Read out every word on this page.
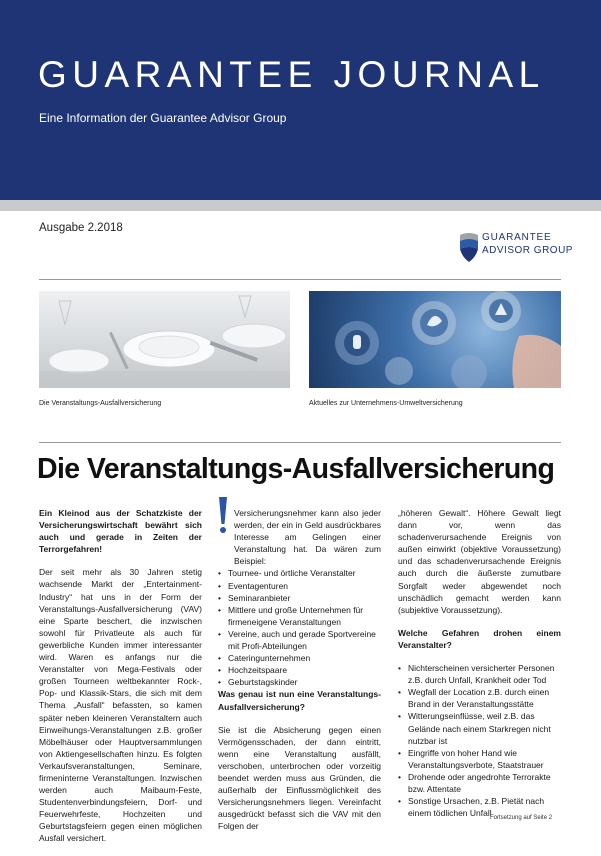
GUARANTEE JOURNAL
Eine Information der Guarantee Advisor Group
Ausgabe 2.2018
GUARANTEE
ADVISOR GROUP
Die Veranstaltungs-Ausfallversicherung	Aktuelles zur Unternehmens-Umweltversicherung
Die Veranstaltungs-Ausfallversicherung

Ein Kleinod aus der Schatzkiste der Versicherungswirtschaft bewährt sich auch und gerade in Zeiten der Terrorgefahren!

Der seit mehr als 30 Jahren stetig wachsende Markt der „Entertainment-Industry“ hat uns in der Form der Veranstaltungs-Ausfallversicherung (VAV) eine Sparte beschert, die inzwischen sowohl für Privatleute als auch für gewerbliche Kunden immer interessanter wird. Waren es anfangs nur die Veranstalter von Mega-Festivals oder großen Tourneen weltbekannter Rock-, Pop- und Klassik-Stars, die sich mit dem Thema „Ausfall“ befassten, so kamen später neben kleineren Veranstaltern auch Einweihungs-Veranstaltungen z.B. großer Möbelhäuser oder Hauptversammlungen von Aktiengesellschaften hinzu. Es folgten Verkaufsveranstaltungen, Seminare, firmeninterne Veranstaltungen. Inzwischen werden auch Maibaum-Feste, Studentenverbindungsfeiern, Dorf- und Feuerwehrfeste, Hochzeiten und Geburtstagsfeiern gegen einen möglichen Ausfall versichert.

Versicherungsnehmer kann also jeder werden, der ein in Geld ausdrückbares Interesse am Gelingen einer Veranstaltung hat. Da wären zum Beispiel:

• Tournee- und örtliche Veranstalter
• Eventagenturen
• Seminaranbieter
• Mittlere und große Unternehmen für firmeneigene Veranstaltungen
• Vereine, auch und gerade Sportvereine mit Profi-Abteilungen
• Cateringunternehmen
• Hochzeitspaare
• Geburtstagskinder

Was genau ist nun eine Veranstaltungs-Ausfallversicherung?

Sie ist die Absicherung gegen einen Vermögensschaden, der dann eintritt, wenn eine Veranstaltung ausfällt, verschoben, unterbrochen oder vorzeitig beendet werden muss aus Gründen, die außerhalb der Einflussmöglichkeit des Versicherungsnehmers liegen. Vereinfacht ausgedrückt befasst sich die VAV mit den Folgen der

„höheren Gewalt“. Höhere Gewalt liegt dann vor, wenn das schadenverursachende Ereignis von außen einwirkt (objektive Voraussetzung) und das schadenverursachende Ereignis auch durch die äußerste zumutbare Sorgfalt weder abgewendet noch unschädlich gemacht werden kann (subjektive Voraussetzung).

Welche Gefahren drohen einem Veranstalter?

• Nichterscheinen versicherter Personen z.B. durch Unfall, Krankheit oder Tod
• Wegfall der Location z.B. durch einen Brand in der Veranstaltungsstätte
• Witterungseinflüsse, weil z.B. das Gelände nach einem Starkregen nicht nutzbar ist
• Eingriffe von hoher Hand wie Veranstaltungsverbote, Staatstrauer
• Drohende oder angedrohte Terrorakte bzw. Attentate
• Sonstige Ursachen, z.B. Pietät nach einem tödlichen Unfall
Fortsetzung auf Seite 2
